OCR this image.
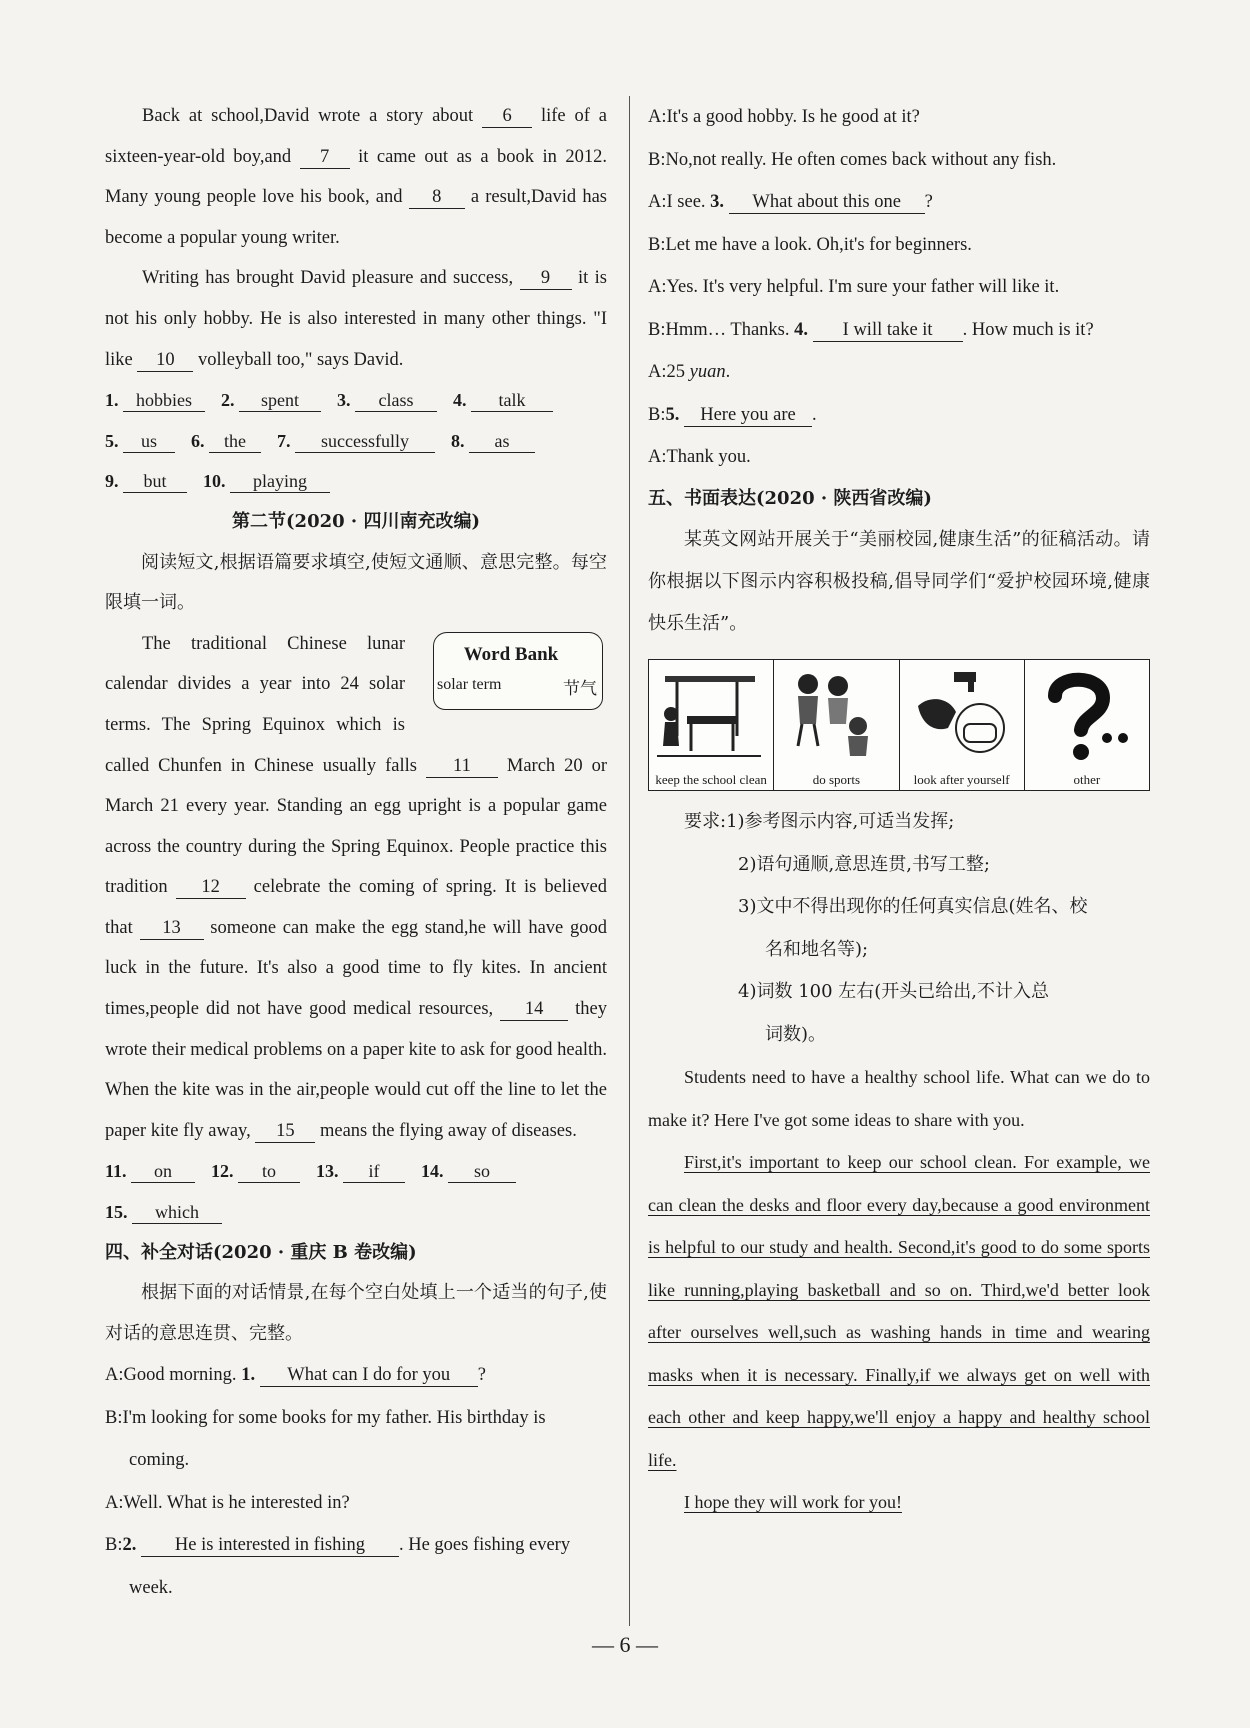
Back at school,David wrote a story about 6 life of a sixteen-year-old boy,and 7 it came out as a book in 2012. Many young people love his book, and 8 a result,David has become a popular young writer.

Writing has brought David pleasure and success, 9 it is not his only hobby. He is also interested in many other things. "I like 10 volleyball too," says David.

1. hobbies 2. spent 3. class 4. talk
5. us 6. the 7. successfully 8. as
9. but 10. playing
第二节(2020 · 四川南充改编)

阅读短文,根据语篇要求填空,使短文通顺、意思完整。每空限填一词。

Word Bank
solar term	节气

The traditional Chinese lunar calendar divides a year into 24 solar terms. The Spring Equinox which is called Chunfen in Chinese usually falls 11 March 20 or March 21 every year. Standing an egg upright is a popular game across the country during the Spring Equinox. People practice this tradition 12 celebrate the coming of spring. It is believed that 13 someone can make the egg stand,he will have good luck in the future. It's also a good time to fly kites. In ancient times,people did not have good medical resources, 14 they wrote their medical problems on a paper kite to ask for good health. When the kite was in the air,people would cut off the line to let the paper kite fly away, 15 means the flying away of diseases.

11. on 12. to 13. if 14. so
15. which
四、补全对话(2020 · 重庆 B 卷改编)

根据下面的对话情景,在每个空白处填上一个适当的句子,使对话的意思连贯、完整。

A:Good morning. 1. What can I do for you ?
B:I'm looking for some books for my father. His birthday is coming.
A:Well. What is he interested in?
B:2. He is interested in fishing . He goes fishing every week.
A:It's a good hobby. Is he good at it?
B:No,not really. He often comes back without any fish.
A:I see. 3. What about this one ?
B:Let me have a look. Oh,it's for beginners.
A:Yes. It's very helpful. I'm sure your father will like it.
B:Hmm… Thanks. 4. I will take it . How much is it?
A:25 yuan.
B:5. Here you are .
A:Thank you.
五、书面表达(2020 · 陕西省改编)

某英文网站开展关于“美丽校园,健康生活”的征稿活动。请你根据以下图示内容积极投稿,倡导同学们“爱护校园环境,健康快乐生活”。

keep the school clean	do sports	look after yourself	other
要求:1)参考图示内容,可适当发挥;
2)语句通顺,意思连贯,书写工整;
3)文中不得出现你的任何真实信息(姓名、校
名和地名等);
4)词数 100 左右(开头已给出,不计入总
词数)。

Students need to have a healthy school life. What can we do to make it? Here I've got some ideas to share with you.

First,it's important to keep our school clean. For example, we can clean the desks and floor every day,because a good environment is helpful to our study and health. Second,it's good to do some sports like running,playing basketball and so on. Third,we'd better look after ourselves well,such as washing hands in time and wearing masks when it is necessary. Finally,if we always get on well with each other and keep happy,we'll enjoy a happy and healthy school life.

I hope they will work for you!

— 6 —
